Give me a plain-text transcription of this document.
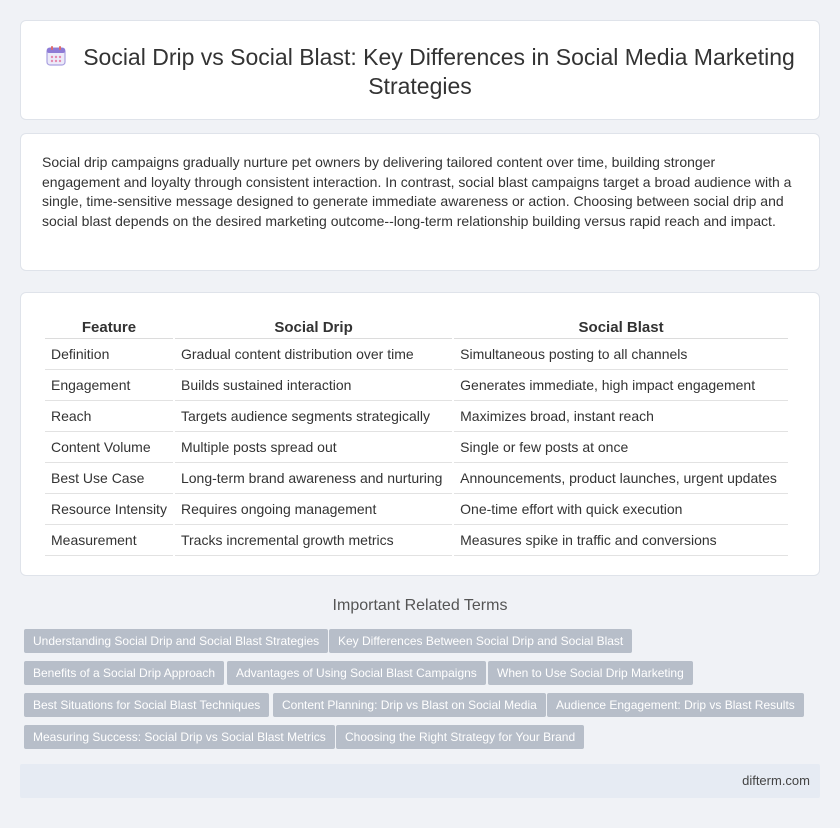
Social Drip vs Social Blast: Key Differences in Social Media Marketing Strategies

Social drip campaigns gradually nurture pet owners by delivering tailored content over time, building stronger engagement and loyalty through consistent interaction. In contrast, social blast campaigns target a broad audience with a single, time-sensitive message designed to generate immediate awareness or action. Choosing between social drip and social blast depends on the desired marketing outcome--long-term relationship building versus rapid reach and impact.

Feature	Social Drip	Social Blast
Definition	Gradual content distribution over time	Simultaneous posting to all channels
Engagement	Builds sustained interaction	Generates immediate, high impact engagement
Reach	Targets audience segments strategically	Maximizes broad, instant reach
Content Volume	Multiple posts spread out	Single or few posts at once
Best Use Case	Long-term brand awareness and nurturing	Announcements, product launches, urgent updates
Resource Intensity	Requires ongoing management	One-time effort with quick execution
Measurement	Tracks incremental growth metrics	Measures spike in traffic and conversions
Important Related Terms
Understanding Social Drip and Social Blast Strategies	Key Differences Between Social Drip and Social Blast
Benefits of a Social Drip Approach	Advantages of Using Social Blast Campaigns	When to Use Social Drip Marketing
Best Situations for Social Blast Techniques	Content Planning: Drip vs Blast on Social Media	Audience Engagement: Drip vs Blast Results
Measuring Success: Social Drip vs Social Blast Metrics	Choosing the Right Strategy for Your Brand
difterm.com
